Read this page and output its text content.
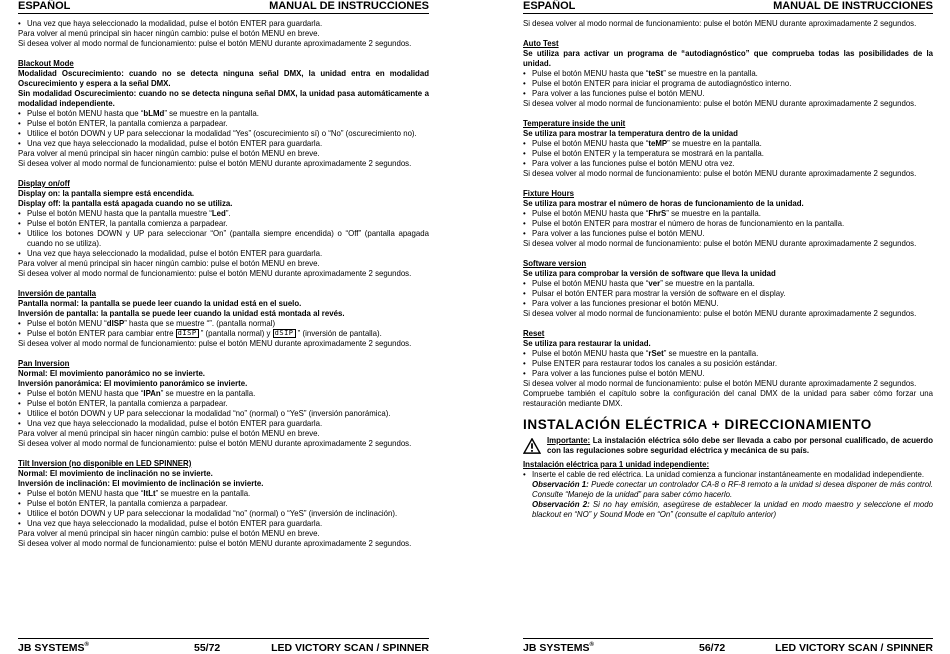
ESPAÑOL	MANUAL DE INSTRUCCIONES
• Una vez que haya seleccionado la modalidad, pulse el botón ENTER para guardarla.

Para volver al menú principal sin hacer ningún cambio: pulse el botón MENU en breve.

Si desea volver al modo normal de funcionamiento: pulse el botón MENU durante aproximadamente 2 segundos.

Blackout Mode

Modalidad Oscurecimiento: cuando no se detecta ninguna señal DMX, la unidad entra en modalidad Oscurecimiento y espera a la señal DMX.

Sin modalidad Oscurecimiento: cuando no se detecta ninguna señal DMX, la unidad pasa automáticamente a modalidad independiente.

• Pulse el botón MENU hasta que “bLMd” se muestre en la pantalla.
• Pulse el botón ENTER, la pantalla comienza a parpadear.
• Utilice el botón DOWN y UP para seleccionar la modalidad “Yes” (oscurecimiento sí) o “No” (oscurecimiento no).
• Una vez que haya seleccionado la modalidad, pulse el botón ENTER para guardarla.

Para volver al menú principal sin hacer ningún cambio: pulse el botón MENU en breve.

Si desea volver al modo normal de funcionamiento: pulse el botón MENU durante aproximadamente 2 segundos.

Display on/off

Display on: la pantalla siempre está encendida.

Display off: la pantalla está apagada cuando no se utiliza.

• Pulse el botón MENU hasta que la pantalla muestre “Led”.
• Pulse el botón ENTER, la pantalla comienza a parpadear.
• Utilice los botones DOWN y UP para seleccionar “On” (pantalla siempre encendida) o “Off” (pantalla apagada cuando no se utiliza).
• Una vez que haya seleccionado la modalidad, pulse el botón ENTER para guardarla.

Para volver al menú principal sin hacer ningún cambio: pulse el botón MENU en breve.

Si desea volver al modo normal de funcionamiento: pulse el botón MENU durante aproximadamente 2 segundos.

Inversión de pantalla

Pantalla normal: la pantalla se puede leer cuando la unidad está en el suelo.

Inversión de pantalla: la pantalla se puede leer cuando la unidad está montada al revés.

• Pulse el botón MENU “dISP” hasta que se muestre “”. (pantalla normal)
• Pulse el botón ENTER para cambiar entre dISP ” (pantalla normal) y dSIP ” (inversión de pantalla).

Si desea volver al modo normal de funcionamiento: pulse el botón MENU durante aproximadamente 2 segundos.

Pan Inversion

Normal: El movimiento panorámico no se invierte.

Inversión panorámica: El movimiento panorámico se invierte.

• Pulse el botón MENU hasta que “IPAn” se muestre en la pantalla.
• Pulse el botón ENTER, la pantalla comienza a parpadear.
• Utilice el botón DOWN y UP para seleccionar la modalidad “no” (normal) o “YeS” (inversión panorámica).
• Una vez que haya seleccionado la modalidad, pulse el botón ENTER para guardarla.

Para volver al menú principal sin hacer ningún cambio: pulse el botón MENU en breve.

Si desea volver al modo normal de funcionamiento: pulse el botón MENU durante aproximadamente 2 segundos.

Tilt Inversion (no disponible en LED SPINNER)

Normal: El movimiento de inclinación no se invierte.

Inversión de inclinación: El movimiento de inclinación se invierte.

• Pulse el botón MENU hasta que “ItLt” se muestre en la pantalla.
• Pulse el botón ENTER, la pantalla comienza a parpadear.
• Utilice el botón DOWN y UP para seleccionar la modalidad “no” (normal) o “YeS” (inversión de inclinación).
• Una vez que haya seleccionado la modalidad, pulse el botón ENTER para guardarla.

Para volver al menú principal sin hacer ningún cambio: pulse el botón MENU en breve.

Si desea volver al modo normal de funcionamiento: pulse el botón MENU durante aproximadamente 2 segundos.

JB SYSTEMS®	55/72	LED VICTORY SCAN / SPINNER
ESPAÑOL	MANUAL DE INSTRUCCIONES

Si desea volver al modo normal de funcionamiento: pulse el botón MENU durante aproximadamente 2 segundos.

Auto Test

Se utiliza para activar un programa de “autodiagnóstico” que comprueba todas las posibilidades de la unidad.

• Pulse el botón MENU hasta que “teSt” se muestre en la pantalla.
• Pulse el botón ENTER para iniciar el programa de autodiagnóstico interno.
• Para volver a las funciones pulse el botón MENU.

Si desea volver al modo normal de funcionamiento: pulse el botón MENU durante aproximadamente 2 segundos.

Temperature inside the unit

Se utiliza para mostrar la temperatura dentro de la unidad

• Pulse el botón MENU hasta que “teMP” se muestre en la pantalla.
• Pulse el botón ENTER y la temperatura se mostrará en la pantalla.
• Para volver a las funciones pulse el botón MENU otra vez.

Si desea volver al modo normal de funcionamiento: pulse el botón MENU durante aproximadamente 2 segundos.

Fixture Hours

Se utiliza para mostrar el número de horas de funcionamiento de la unidad.

• Pulse el botón MENU hasta que “FhrS” se muestre en la pantalla.
• Pulse el botón ENTER para mostrar el número de horas de funcionamiento en la pantalla.
• Para volver a las funciones pulse el botón MENU.

Si desea volver al modo normal de funcionamiento: pulse el botón MENU durante aproximadamente 2 segundos.

Software version

Se utiliza para comprobar la versión de software que lleva la unidad

• Pulse el botón MENU hasta que “ver” se muestre en la pantalla.
• Pulsar el botón ENTER para mostrar la versión de software en el display.
• Para volver a las funciones presionar el botón MENU.

Si desea volver al modo normal de funcionamiento: pulse el botón MENU durante aproximadamente 2 segundos.

Reset

Se utiliza para restaurar la unidad.

• Pulse el botón MENU hasta que “rSet” se muestre en la pantalla.
• Pulse ENTER para restaurar todos los canales a su posición estándar.
• Para volver a las funciones pulse el botón MENU.

Si desea volver al modo normal de funcionamiento: pulse el botón MENU durante aproximadamente 2 segundos.

Compruebe también el capítulo sobre la configuración del canal DMX de la unidad para saber cómo forzar una restauración mediante DMX.

INSTALACIÓN ELÉCTRICA + DIRECCIONAMIENTO
Importante: La instalación eléctrica sólo debe ser llevada a cabo por personal cualificado, de acuerdo con las regulaciones sobre seguridad eléctrica y mecánica de su país.
Instalación eléctrica para 1 unidad independiente:
• Inserte el cable de red eléctrica. La unidad comienza a funcionar instantáneamente en modalidad independiente.

Observación 1: Puede conectar un controlador CA-8 o RF-8 remoto a la unidad si desea disponer de más control. Consulte “Manejo de la unidad” para saber cómo hacerlo.

Observación 2: Si no hay emisión, asegúrese de establecer la unidad en modo maestro y seleccione el modo blackout en “NO” y Sound Mode en “On” (consulte el capítulo anterior)

JB SYSTEMS®	56/72	LED VICTORY SCAN / SPINNER
